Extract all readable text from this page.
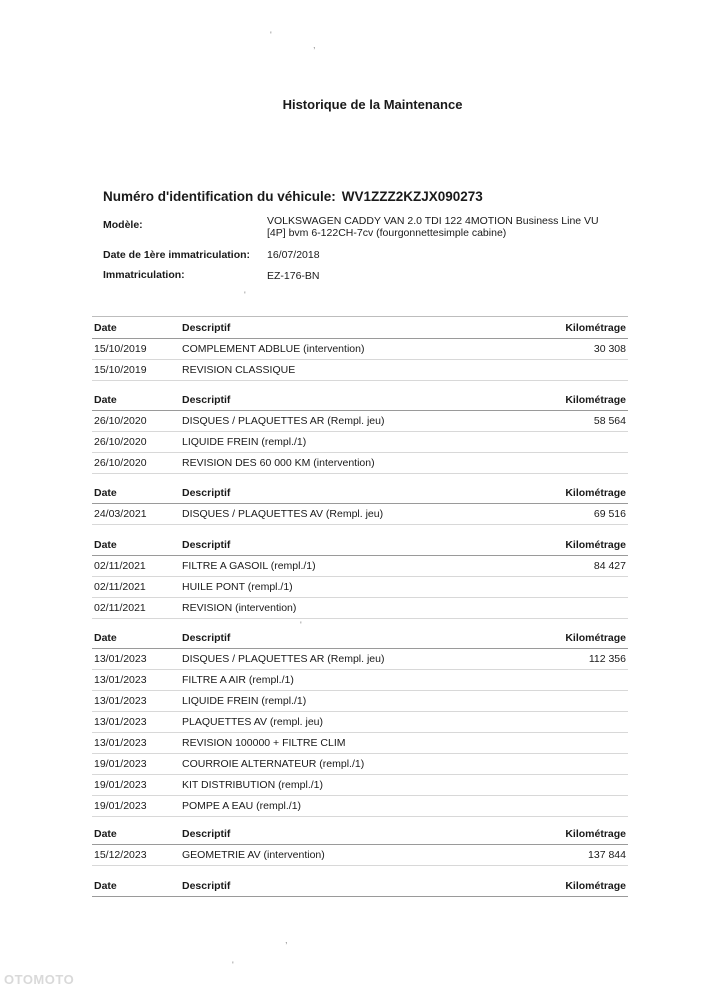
Historique de la Maintenance
Numéro d'identification du véhicule: WV1ZZZ2KZJX090273
Modèle:	VOLKSWAGEN CADDY VAN 2.0 TDI 122 4MOTION Business Line VU
[4P] bvm 6-122CH-7cv (fourgonnettesimple cabine)
Date de 1ère immatriculation: 16/07/2018
Immatriculation:	EZ-176-BN
Date	Descriptif	Kilométrage
15/10/2019	COMPLEMENT ADBLUE (intervention)	30 308
15/10/2019	REVISION CLASSIQUE
Date	Descriptif	Kilométrage
26/10/2020	DISQUES / PLAQUETTES AR (Rempl. jeu)	58 564
26/10/2020	LIQUIDE FREIN (rempl./1)
26/10/2020	REVISION DES 60 000 KM (intervention)
Date	Descriptif	Kilométrage
24/03/2021	DISQUES / PLAQUETTES AV (Rempl. jeu)	69 516
Date	Descriptif	Kilométrage
02/11/2021	FILTRE A GASOIL (rempl./1)	84 427
02/11/2021	HUILE PONT (rempl./1)
02/11/2021	REVISION (intervention)
Date	Descriptif	Kilométrage
13/01/2023	DISQUES / PLAQUETTES AR (Rempl. jeu)	112 356
13/01/2023	FILTRE A AIR (rempl./1)
13/01/2023	LIQUIDE FREIN (rempl./1)
13/01/2023	PLAQUETTES AV (rempl. jeu)
13/01/2023	REVISION 100000 + FILTRE CLIM
19/01/2023	COURROIE ALTERNATEUR (rempl./1)
19/01/2023	KIT DISTRIBUTION (rempl./1)
19/01/2023	POMPE A EAU (rempl./1)
Date	Descriptif	Kilométrage
15/12/2023	GEOMETRIE AV (intervention)	137 844
Date	Descriptif	Kilométrage
'
,
'
'
,
'
OTOMOTO
